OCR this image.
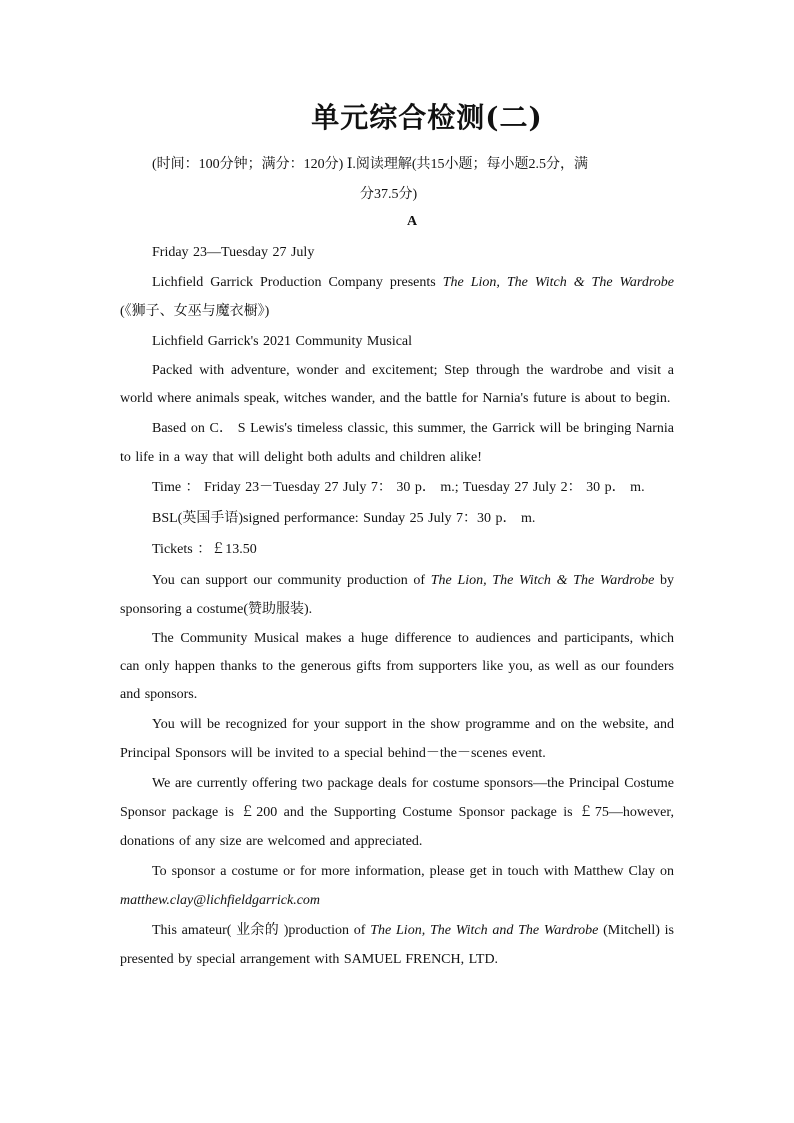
单元综合检测(二)
(时间：100分钟；满分：120分) Ⅰ.阅读理解(共15小题；每小题2.5分，满
分37.5分)
A

Friday 23—Tuesday 27 July

Lichfield Garrick Production Company presents The Lion, The Witch & The Wardrobe (《狮子、女巫与魔衣橱》)

Lichfield Garrick's 2021 Community Musical

Packed with adventure, wonder and excitement; Step through the wardrobe and visit a world where animals speak, witches wander, and the battle for Narnia's future is about to begin.

Based on C． S Lewis's timeless classic, this summer, the Garrick will be bringing Narnia to life in a way that will delight both adults and children alike!

Time ： Friday 23－Tuesday 27 July 7： 30 p． m.; Tuesday 27 July 2： 30 p． m.

BSL(英国手语)signed performance: Sunday 25 July 7：30 p． m.

Tickets ：￡13.50

You can support our community production of The Lion, The Witch & The Wardrobe by sponsoring a costume(赞助服装).

The Community Musical makes a huge difference to audiences and participants, which can only happen thanks to the generous gifts from supporters like you, as well as our founders and sponsors.

You will be recognized for your support in the show programme and on the website, and Principal Sponsors will be invited to a special behind－the－scenes event.

We are currently offering two package deals for costume sponsors—the Principal Costume Sponsor package is ￡200 and the Supporting Costume Sponsor package is ￡75—however, donations of any size are welcomed and appreciated.

To sponsor a costume or for more information, please get in touch with Matthew Clay on matthew.clay@lichfieldgarrick.com

This amateur( 业余的 )production of The Lion, The Witch and The Wardrobe (Mitchell) is presented by special arrangement with SAMUEL FRENCH, LTD.
